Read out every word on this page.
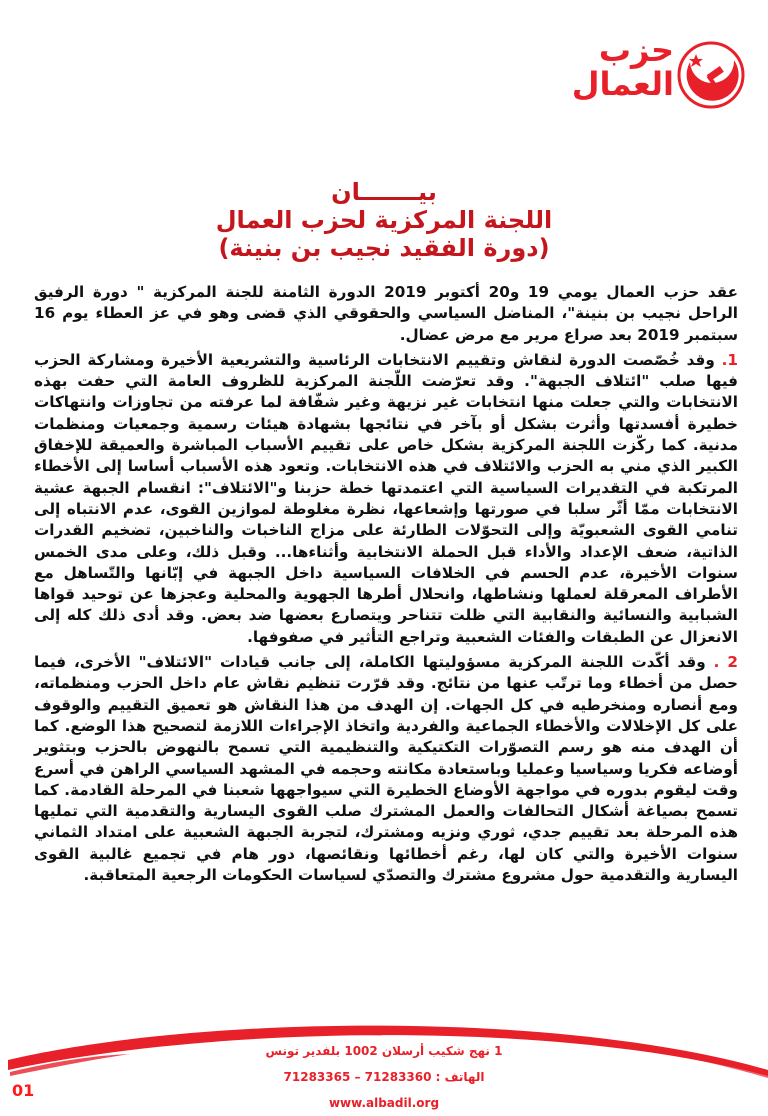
حزب
العمال
بيـــــــان
اللجنة المركزية لحزب العمال
(دورة الفقيد نجيب بن بنينة)

عقد حزب العمال يومي 19 و20 أكتوبر 2019 الدورة الثامنة للجنة المركزية " دورة الرفيق الراحل نجيب بن بنينة"، المناضل السياسي والحقوقي الذي قضى وهو في عز العطاء يوم 16 سبتمبر 2019 بعد صراع مرير مع مرض عضال.

1. وقد خُصّصت الدورة لنقاش وتقييم الانتخابات الرئاسية والتشريعية الأخيرة ومشاركة الحزب فيها صلب "ائتلاف الجبهة". وقد تعرّضت اللّجنة المركزية للظروف العامة التي حفت بهذه الانتخابات والتي جعلت منها انتخابات غير نزيهة وغير شفّافة لما عرفته من تجاوزات وانتهاكات خطيرة أفسدتها وأثرت بشكل أو بآخر في نتائجها بشهادة هيئات رسمية وجمعيات ومنظمات مدنية. كما ركّزت اللجنة المركزية بشكل خاص على تقييم الأسباب المباشرة والعميقة للإخفاق الكبير الذي مني به الحزب والائتلاف في هذه الانتخابات. وتعود هذه الأسباب أساسا إلى الأخطاء المرتكبة في التقديرات السياسية التي اعتمدتها خطة حزبنا و"الائتلاف": انقسام الجبهة عشية الانتخابات ممّا أثّر سلبا في صورتها وإشعاعها، نظرة مغلوطة لموازين القوى، عدم الانتباه إلى تنامي القوى الشعبويّة وإلى التحوّلات الطارئة على مزاج الناخبات والناخبين، تضخيم القدرات الذاتية، ضعف الإعداد والأداء قبل الحملة الانتخابية وأثناءها... وقبل ذلك، وعلى مدى الخمس سنوات الأخيرة، عدم الحسم في الخلافات السياسية داخل الجبهة في إبّانها والتّساهل مع الأطراف المعرقلة لعملها ونشاطها، وانحلال أطرها الجهوية والمحلية وعجزها عن توحيد قواها الشبابية والنسائية والنقابية التي ظلت تتناحر ويتصارع بعضها ضد بعض. وقد أدى ذلك كله إلى الانعزال عن الطبقات والفئات الشعبية وتراجع التأثير في صفوفها.

2 . وقد أكّدت اللجنة المركزية مسؤوليتها الكاملة، إلى جانب قيادات "الائتلاف" الأخرى، فيما حصل من أخطاء وما ترتّب عنها من نتائج. وقد قرّرت تنظيم نقاش عام داخل الحزب ومنظماته، ومع أنصاره ومنخرطيه في كل الجهات. إن الهدف من هذا النقاش هو تعميق التقييم والوقوف على كل الإخلالات والأخطاء الجماعية والفردية واتخاذ الإجراءات اللازمة لتصحيح هذا الوضع. كما أن الهدف منه هو رسم التصوّرات التكتيكية والتنظيمية التي تسمح بالنهوض بالحزب وبتثوير أوضاعه فكريا وسياسيا وعمليا وباستعادة مكانته وحجمه في المشهد السياسي الراهن في أسرع وقت ليقوم بدوره في مواجهة الأوضاع الخطيرة التي سيواجهها شعبنا في المرحلة القادمة. كما تسمح بصياغة أشكال التحالفات والعمل المشترك صلب القوى اليسارية والتقدمية التي تمليها هذه المرحلة بعد تقييم جدي، ثوري ونزيه ومشترك، لتجربة الجبهة الشعبية على امتداد الثماني سنوات الأخيرة والتي كان لها، رغم أخطائها ونقائصها، دور هام في تجميع غالبية القوى اليسارية والتقدمية حول مشروع مشترك والتصدّي لسياسات الحكومات الرجعية المتعاقبة.

1 نهج شكيب أرسلان 1002 بلفدير تونس
الهاتف : 71283360 – 71283365
www.albadil.org
01
